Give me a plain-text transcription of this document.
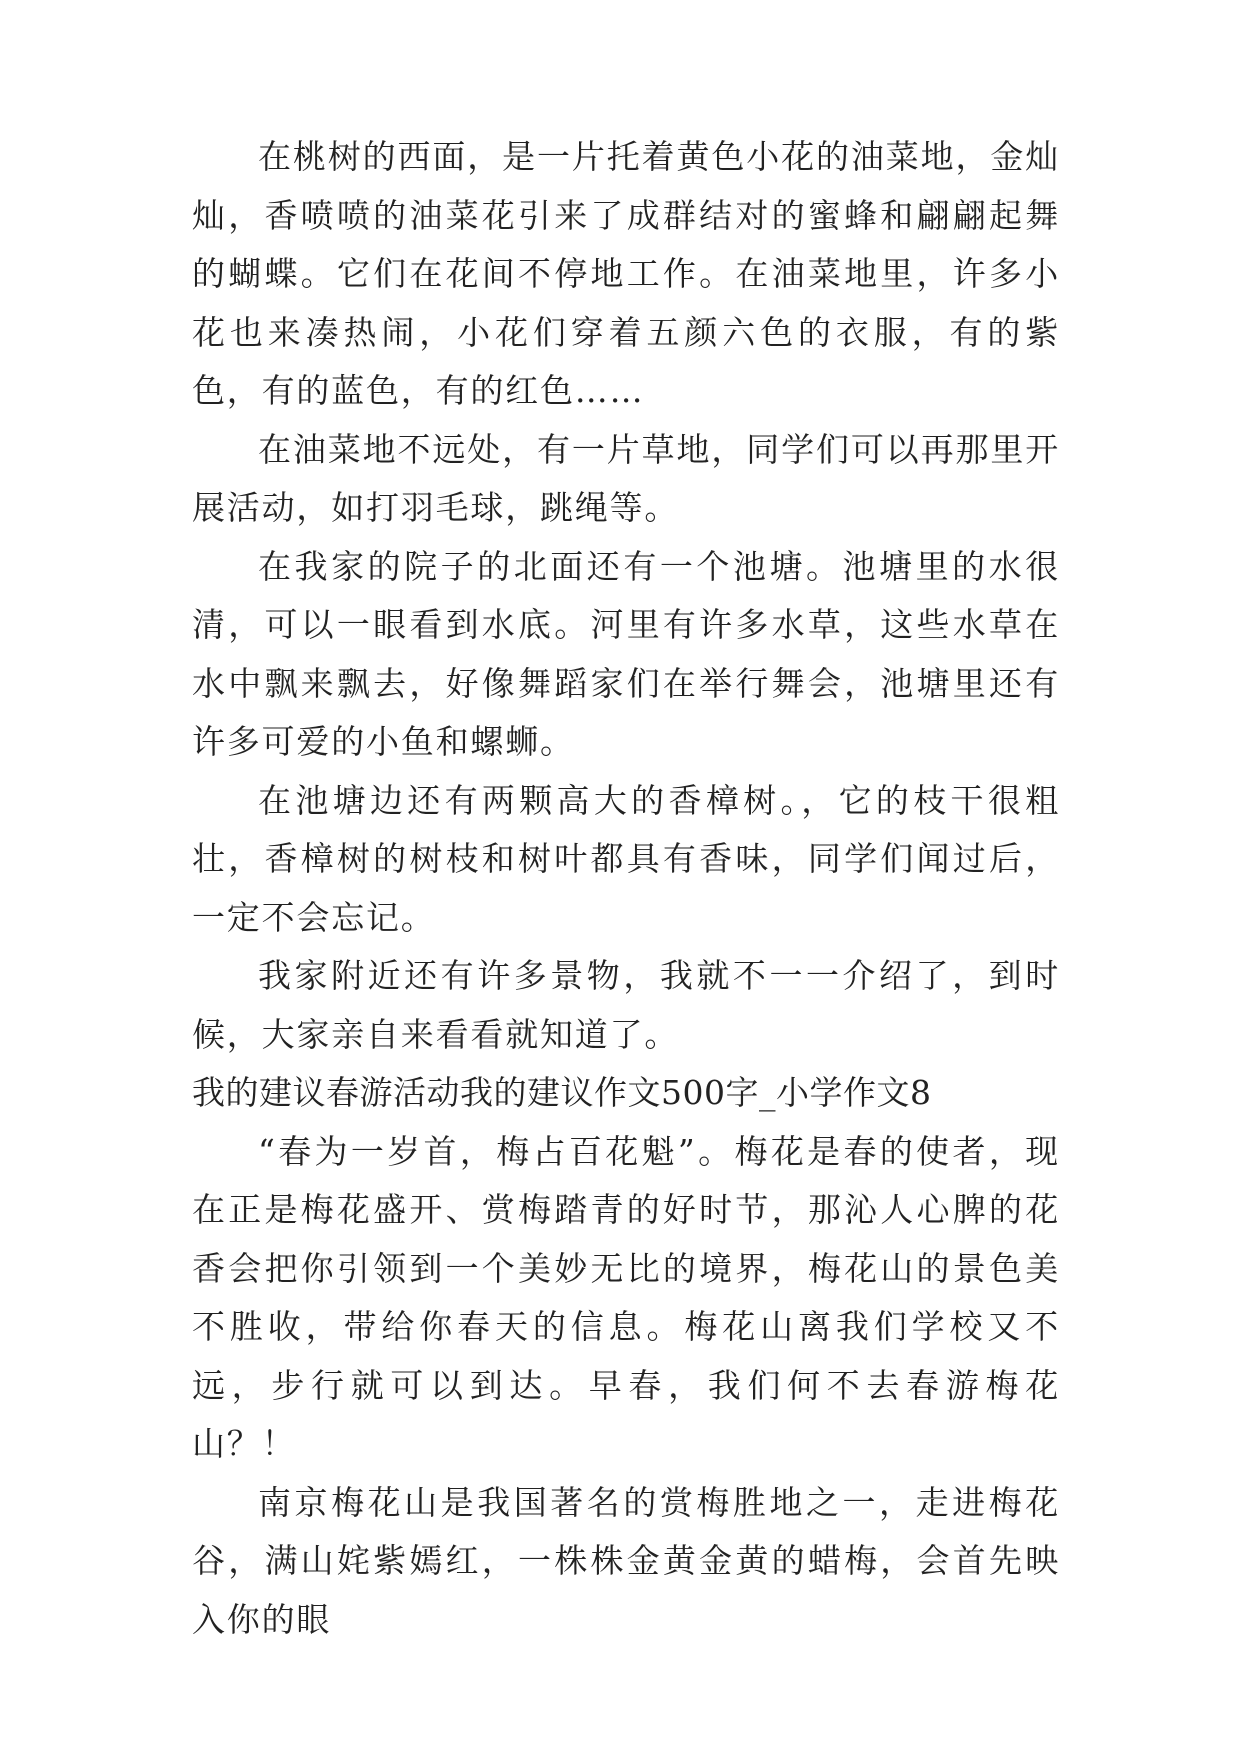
在桃树的西面，是一片托着黄色小花的油菜地，金灿灿，香喷喷的油菜花引来了成群结对的蜜蜂和翩翩起舞的蝴蝶。它们在花间不停地工作。在油菜地里，许多小花也来凑热闹，小花们穿着五颜六色的衣服，有的紫色，有的蓝色，有的红色……

在油菜地不远处，有一片草地，同学们可以再那里开展活动，如打羽毛球，跳绳等。

在我家的院子的北面还有一个池塘。池塘里的水很清，可以一眼看到水底。河里有许多水草，这些水草在水中飘来飘去，好像舞蹈家们在举行舞会，池塘里还有许多可爱的小鱼和螺蛳。

在池塘边还有两颗高大的香樟树。，它的枝干很粗壮，香樟树的树枝和树叶都具有香味，同学们闻过后，一定不会忘记。

我家附近还有许多景物，我就不一一介绍了，到时候，大家亲自来看看就知道了。

我的建议春游活动我的建议作文500字_小学作文8

“春为一岁首，梅占百花魁”。梅花是春的使者，现在正是梅花盛开、赏梅踏青的好时节，那沁人心脾的花香会把你引领到一个美妙无比的境界，梅花山的景色美不胜收，带给你春天的信息。梅花山离我们学校又不远，步行就可以到达。早春，我们何不去春游梅花山？！

南京梅花山是我国著名的赏梅胜地之一，走进梅花谷，满山姹紫嫣红，一株株金黄金黄的蜡梅，会首先映入你的眼
